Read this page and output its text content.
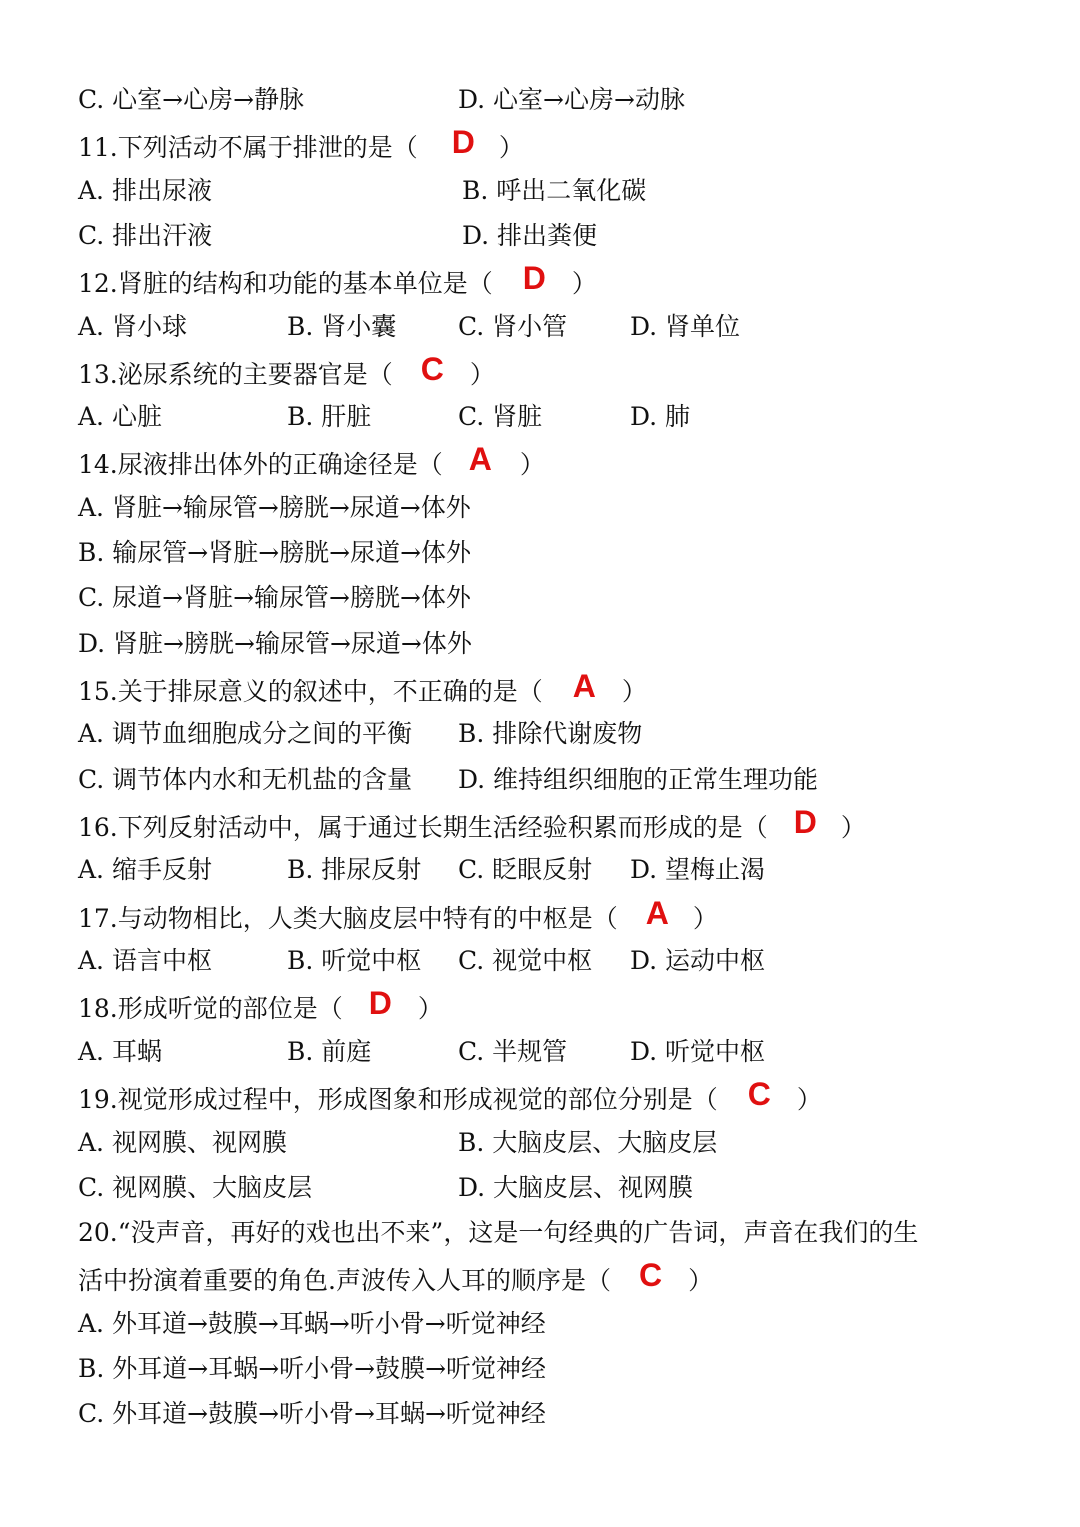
C. 心室→心房→静脉	D. 心室→心房→动脉
11.下列活动不属于排泄的是（ D ）
A. 排出尿液	B. 呼出二氧化碳
C. 排出汗液	D. 排出粪便
12.肾脏的结构和功能的基本单位是（ D ）
A. 肾小球	B. 肾小囊 C. 肾小管	D. 肾单位
13.泌尿系统的主要器官是（ C ）
A. 心脏	B. 肝脏	C. 肾脏	D. 肺
14.尿液排出体外的正确途径是（ A ）
A. 肾脏→输尿管→膀胱→尿道→体外
B. 输尿管→肾脏→膀胱→尿道→体外
C. 尿道→肾脏→输尿管→膀胱→体外
D. 肾脏→膀胱→输尿管→尿道→体外
15.关于排尿意义的叙述中，不正确的是（ A ）
A. 调节血细胞成分之间的平衡 B. 排除代谢废物
C. 调节体内水和无机盐的含量 D. 维持组织细胞的正常生理功能
16.下列反射活动中，属于通过长期生活经验积累而形成的是（ D ）
A. 缩手反射	B. 排尿反射 C. 眨眼反射 D. 望梅止渴
17.与动物相比，人类大脑皮层中特有的中枢是（ A ）
A. 语言中枢	B. 听觉中枢 C. 视觉中枢 D. 运动中枢
18.形成听觉的部位是（ D ）
A. 耳蜗	B. 前庭	C. 半规管	D. 听觉中枢
19.视觉形成过程中，形成图象和形成视觉的部位分别是（ C ）
A. 视网膜、视网膜	B. 大脑皮层、大脑皮层
C. 视网膜、大脑皮层	D. 大脑皮层、视网膜
20.“没声音，再好的戏也出不来”，这是一句经典的广告词，声音在我们的生
活中扮演着重要的角色.声波传入人耳的顺序是（ C ）
A. 外耳道→鼓膜→耳蜗→听小骨→听觉神经
B. 外耳道→耳蜗→听小骨→鼓膜→听觉神经
C. 外耳道→鼓膜→听小骨→耳蜗→听觉神经
